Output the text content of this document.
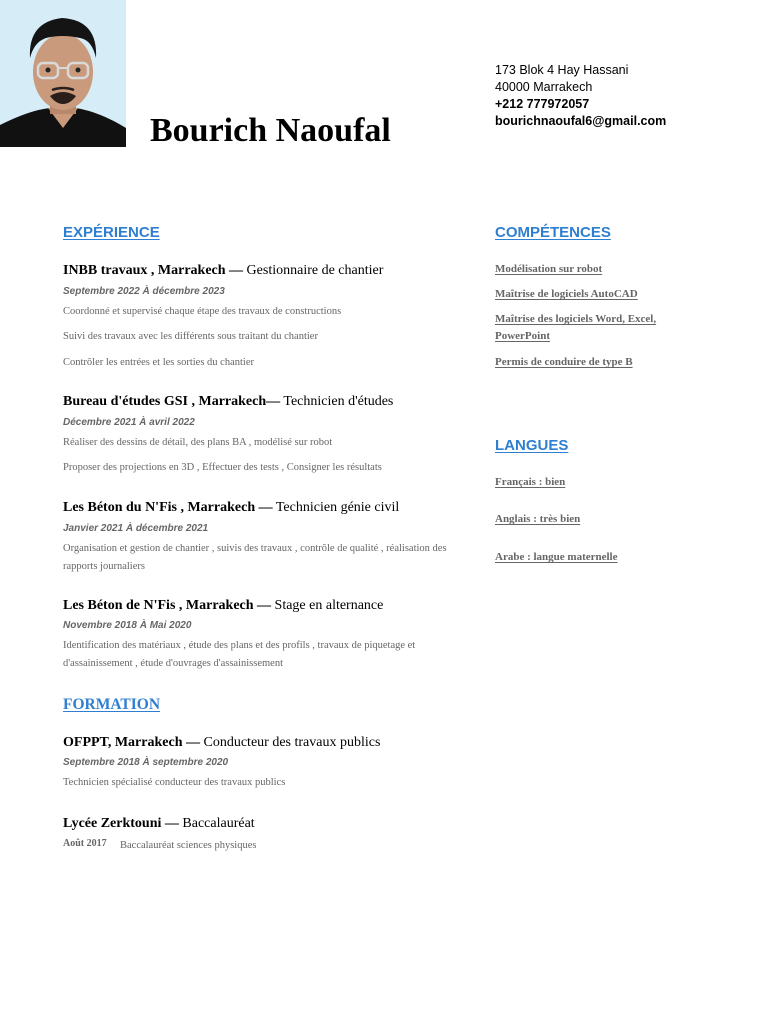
Bourich Naoufal
173 Blok 4 Hay Hassani
40000 Marrakech
+212 777972057
bourichnaoufal6@gmail.com
EXPÉRIENCE
INBB travaux , Marrakech — Gestionnaire de chantier
Septembre 2022 À décembre 2023
Coordonné et supervisé chaque étape des travaux de constructions
Suivi des travaux avec les différents sous traitant du chantier
Contrôler les entrées et les sorties du chantier
Bureau d'études GSI , Marrakech— Technicien d'études
Décembre 2021 À avril 2022
Réaliser des dessins de détail, des plans BA , modélisé sur robot
Proposer des projections en 3D , Effectuer des tests , Consigner les résultats
Les Béton du N'Fis , Marrakech — Technicien génie civil
Janvier 2021 À décembre 2021
Organisation et gestion de chantier , suivis des travaux , contrôle de qualité , réalisation des rapports journaliers
Les Béton de N'Fis , Marrakech — Stage en alternance
Novembre 2018 À Mai 2020
Identification des matériaux , étude des plans et des profils , travaux de piquetage et d'assainissement , étude d'ouvrages d'assainissement
FORMATION
OFPPT, Marrakech — Conducteur des travaux publics
Septembre 2018 À septembre 2020
Technicien spécialisé conducteur des travaux publics
Lycée Zerktouni — Baccalauréat
Août 2017 Baccalauréat sciences physiques
COMPÉTENCES
Modélisation sur robot
Maîtrise de logiciels AutoCAD
Maîtrise des logiciels Word, Excel, PowerPoint
Permis de conduire de type B
LANGUES
Français : bien
Anglais : très bien
Arabe : langue maternelle
